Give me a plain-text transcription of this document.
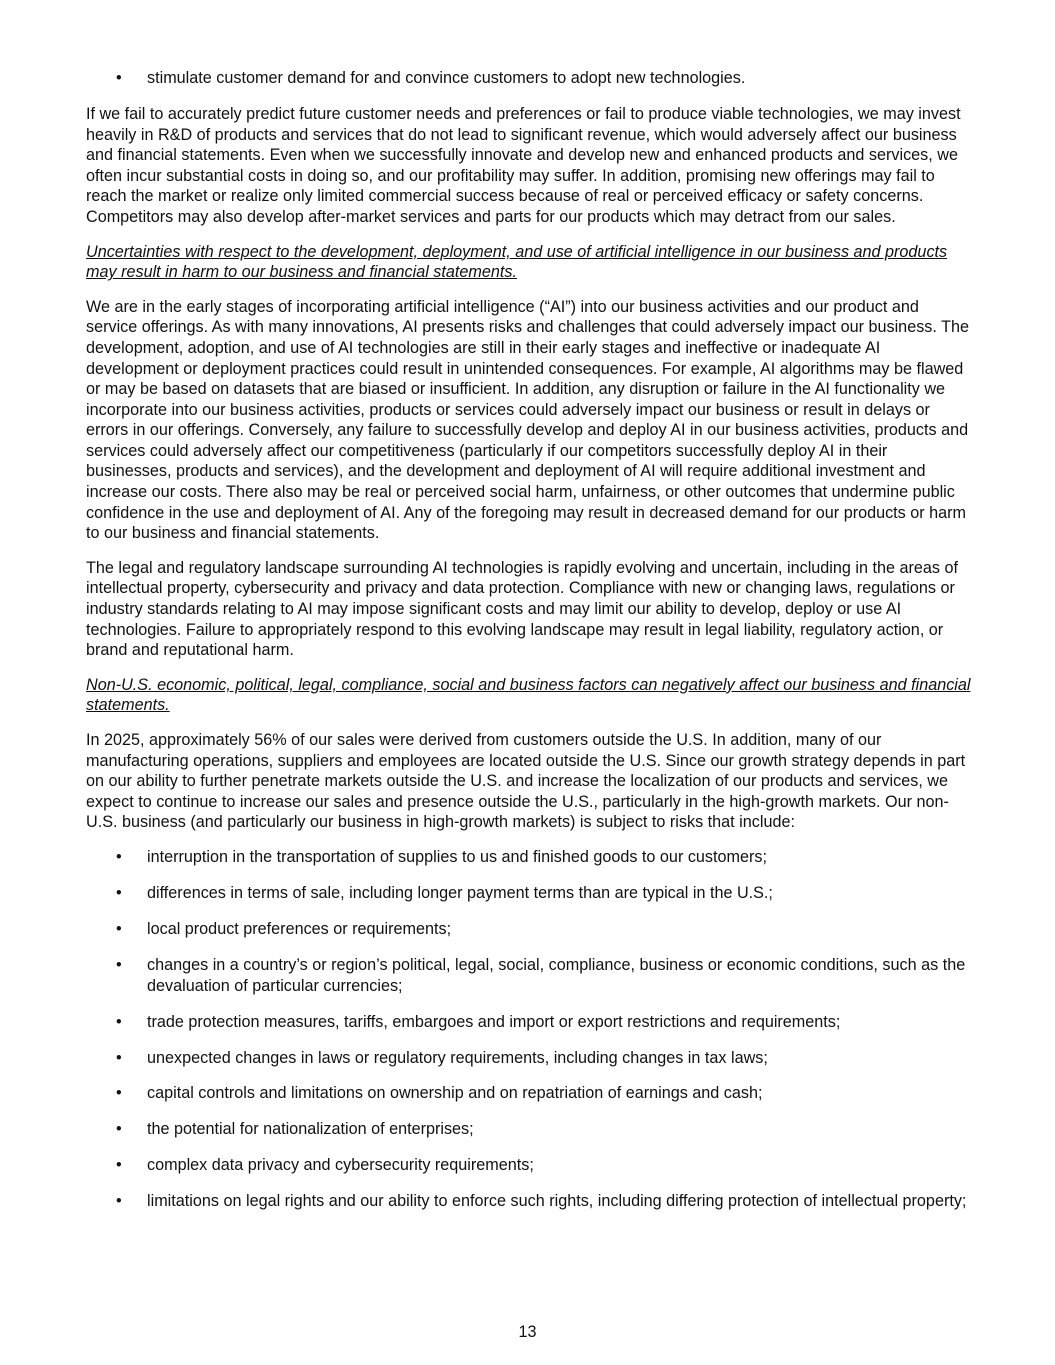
• stimulate customer demand for and convince customers to adopt new technologies.

If we fail to accurately predict future customer needs and preferences or fail to produce viable technologies, we may invest heavily in R&D of products and services that do not lead to significant revenue, which would adversely affect our business and financial statements. Even when we successfully innovate and develop new and enhanced products and services, we often incur substantial costs in doing so, and our profitability may suffer. In addition, promising new offerings may fail to reach the market or realize only limited commercial success because of real or perceived efficacy or safety concerns. Competitors may also develop after-market services and parts for our products which may detract from our sales.

Uncertainties with respect to the development, deployment, and use of artificial intelligence in our business and products may result in harm to our business and financial statements.

We are in the early stages of incorporating artificial intelligence (“AI”) into our business activities and our product and service offerings. As with many innovations, AI presents risks and challenges that could adversely impact our business. The development, adoption, and use of AI technologies are still in their early stages and ineffective or inadequate AI development or deployment practices could result in unintended consequences. For example, AI algorithms may be flawed or may be based on datasets that are biased or insufficient. In addition, any disruption or failure in the AI functionality we incorporate into our business activities, products or services could adversely impact our business or result in delays or errors in our offerings. Conversely, any failure to successfully develop and deploy AI in our business activities, products and services could adversely affect our competitiveness (particularly if our competitors successfully deploy AI in their businesses, products and services), and the development and deployment of AI will require additional investment and increase our costs. There also may be real or perceived social harm, unfairness, or other outcomes that undermine public confidence in the use and deployment of AI. Any of the foregoing may result in decreased demand for our products or harm to our business and financial statements.

The legal and regulatory landscape surrounding AI technologies is rapidly evolving and uncertain, including in the areas of intellectual property, cybersecurity and privacy and data protection. Compliance with new or changing laws, regulations or industry standards relating to AI may impose significant costs and may limit our ability to develop, deploy or use AI technologies. Failure to appropriately respond to this evolving landscape may result in legal liability, regulatory action, or brand and reputational harm.

Non-U.S. economic, political, legal, compliance, social and business factors can negatively affect our business and financial statements.

In 2025, approximately 56% of our sales were derived from customers outside the U.S. In addition, many of our manufacturing operations, suppliers and employees are located outside the U.S. Since our growth strategy depends in part on our ability to further penetrate markets outside the U.S. and increase the localization of our products and services, we expect to continue to increase our sales and presence outside the U.S., particularly in the high-growth markets. Our non-U.S. business (and particularly our business in high-growth markets) is subject to risks that include:

• interruption in the transportation of supplies to us and finished goods to our customers;

• differences in terms of sale, including longer payment terms than are typical in the U.S.;

• local product preferences or requirements;

• changes in a country’s or region’s political, legal, social, compliance, business or economic conditions, such as the devaluation of particular currencies;

• trade protection measures, tariffs, embargoes and import or export restrictions and requirements;

• unexpected changes in laws or regulatory requirements, including changes in tax laws;

• capital controls and limitations on ownership and on repatriation of earnings and cash;

• the potential for nationalization of enterprises;

• complex data privacy and cybersecurity requirements;

• limitations on legal rights and our ability to enforce such rights, including differing protection of intellectual property;

13
